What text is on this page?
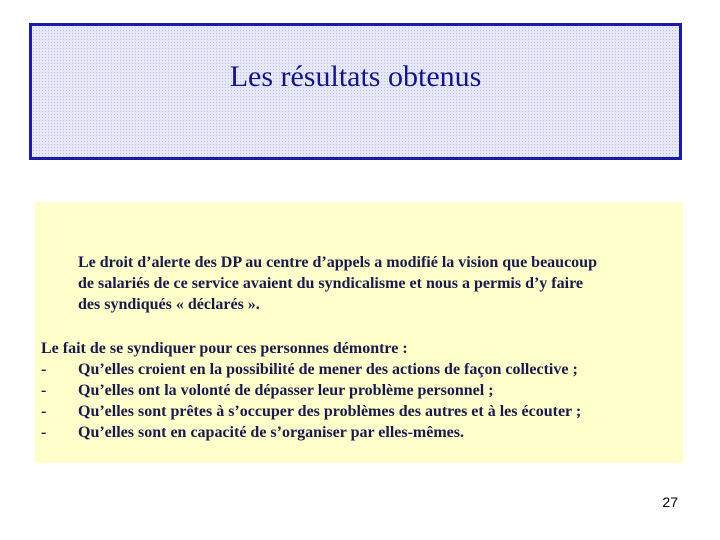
Les résultats obtenus
Le droit d’alerte des DP au centre d’appels a modifié la vision que beaucoup
de salariés de ce service avaient du syndicalisme et nous a permis d’y faire
des syndiqués « déclarés ».
Le fait de se syndiquer pour ces personnes démontre :
- Qu’elles croient en la possibilité de mener des actions de façon collective ;
- Qu’elles ont la volonté de dépasser leur problème personnel ;
- Qu’elles sont prêtes à s’occuper des problèmes des autres et à les écouter ;
- Qu’elles sont en capacité de s’organiser par elles-mêmes.
27
